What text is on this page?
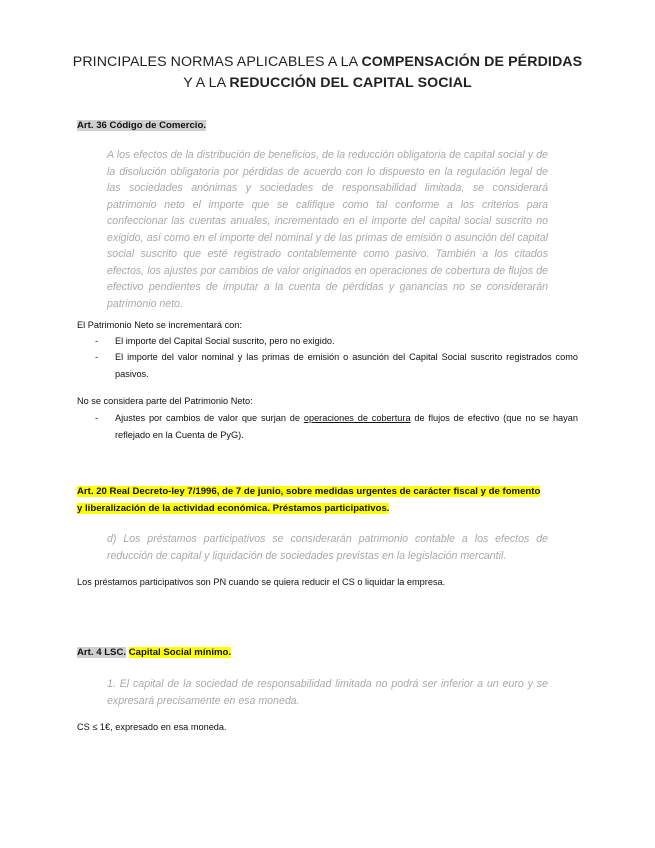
PRINCIPALES NORMAS APLICABLES A LA COMPENSACIÓN DE PÉRDIDAS
Y A LA REDUCCIÓN DEL CAPITAL SOCIAL
Art. 36 Código de Comercio.
A los efectos de la distribución de beneficios, de la reducción obligatoria de capital social y de la disolución obligatoria por pérdidas de acuerdo con lo dispuesto en la regulación legal de las sociedades anónimas y sociedades de responsabilidad limitada, se considerará patrimonio neto el importe que se califique como tal conforme a los criterios para confeccionar las cuentas anuales, incrementado en el importe del capital social suscrito no exigido, así como en el importe del nominal y de las primas de emisión o asunción del capital social suscrito que esté registrado contablemente como pasivo. También a los citados efectos, los ajustes por cambios de valor originados en operaciones de cobertura de flujos de efectivo pendientes de imputar a la cuenta de pérdidas y ganancias no se considerarán patrimonio neto.
El Patrimonio Neto se incrementará con:
- El importe del Capital Social suscrito, pero no exigido.
- El importe del valor nominal y las primas de emisión o asunción del Capital Social suscrito registrados como pasivos.
No se considera parte del Patrimonio Neto:
- Ajustes por cambios de valor que surjan de operaciones de cobertura de flujos de efectivo (que no se hayan reflejado en la Cuenta de PyG).
Art. 20 Real Decreto-ley 7/1996, de 7 de junio, sobre medidas urgentes de carácter fiscal y de fomento
y liberalización de la actividad económica. Préstamos participativos.
d) Los préstamos participativos se considerarán patrimonio contable a los efectos de reducción de capital y liquidación de sociedades previstas en la legislación mercantil.
Los préstamos participativos son PN cuando se quiera reducir el CS o liquidar la empresa.
Art. 4 LSC. Capital Social mínimo.
1. El capital de la sociedad de responsabilidad limitada no podrá ser inferior a un euro y se expresará precisamente en esa moneda.
CS ≤ 1€, expresado en esa moneda.
